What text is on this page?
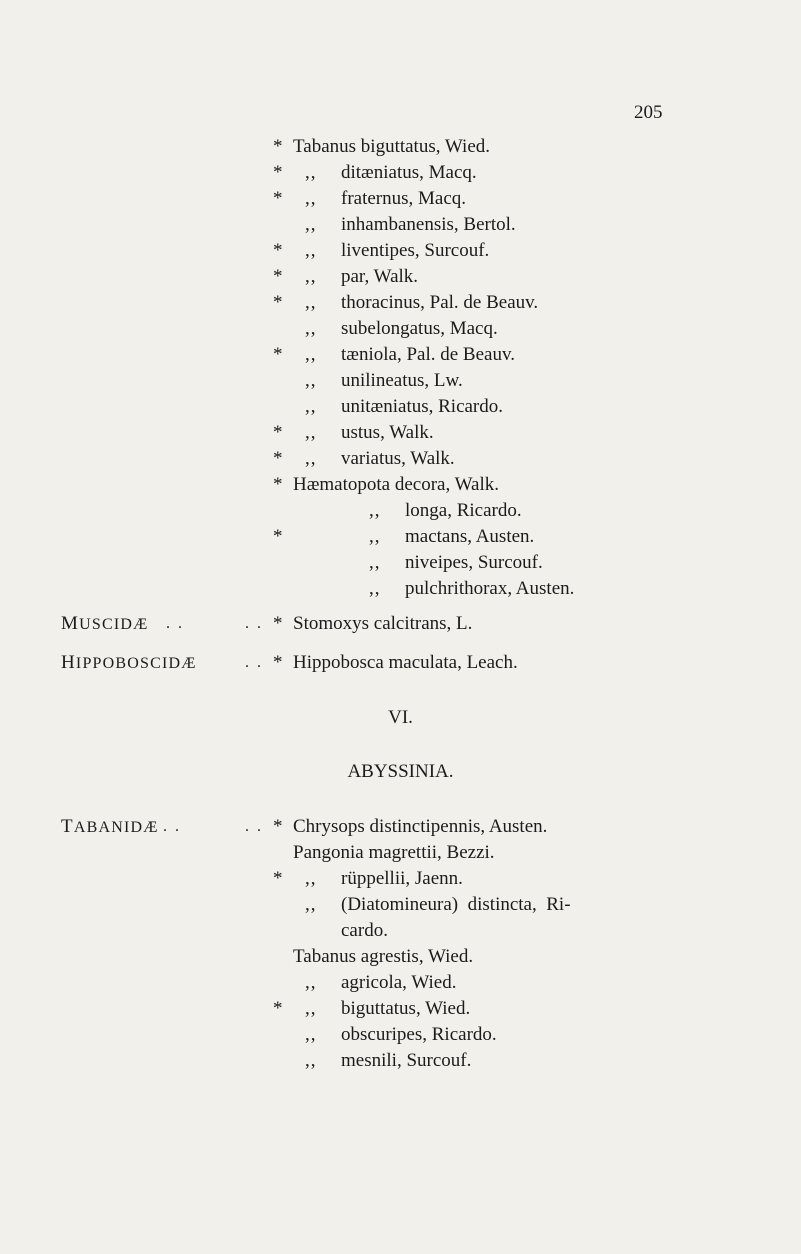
205
* Tabanus biguttatus, Wied.
* ,, ditæniatus, Macq.
* ,, fraternus, Macq.
,, inhambanensis, Bertol.
* ,, liventipes, Surcouf.
* ,, par, Walk.
* ,, thoracinus, Pal. de Beauv.
,, subelongatus, Macq.
* ,, tæniola, Pal. de Beauv.
,, unilineatus, Lw.
,, unitæniatus, Ricardo.
* ,, ustus, Walk.
* ,, variatus, Walk.
* Hæmatopota decora, Walk.
,, longa, Ricardo.
*	,, mactans, Austen.
,, niveipes, Surcouf.
,, pulchrithorax, Austen.
MUSCIDÆ . .	. . * Stomoxys calcitrans, L.
HIPPOBOSCIDÆ	. . * Hippobosca maculata, Leach.
VI.
ABYSSINIA.
TABANIDÆ . .	. . * Chrysops distinctipennis, Austen.
Pangonia magrettii, Bezzi.
* ,, rüppellii, Jaenn.
,, (Diatomineura)  distincta,  Ri-
cardo.
Tabanus agrestis, Wied.
,, agricola, Wied.
* ,, biguttatus, Wied.
,, obscuripes, Ricardo.
,, mesnili, Surcouf.
